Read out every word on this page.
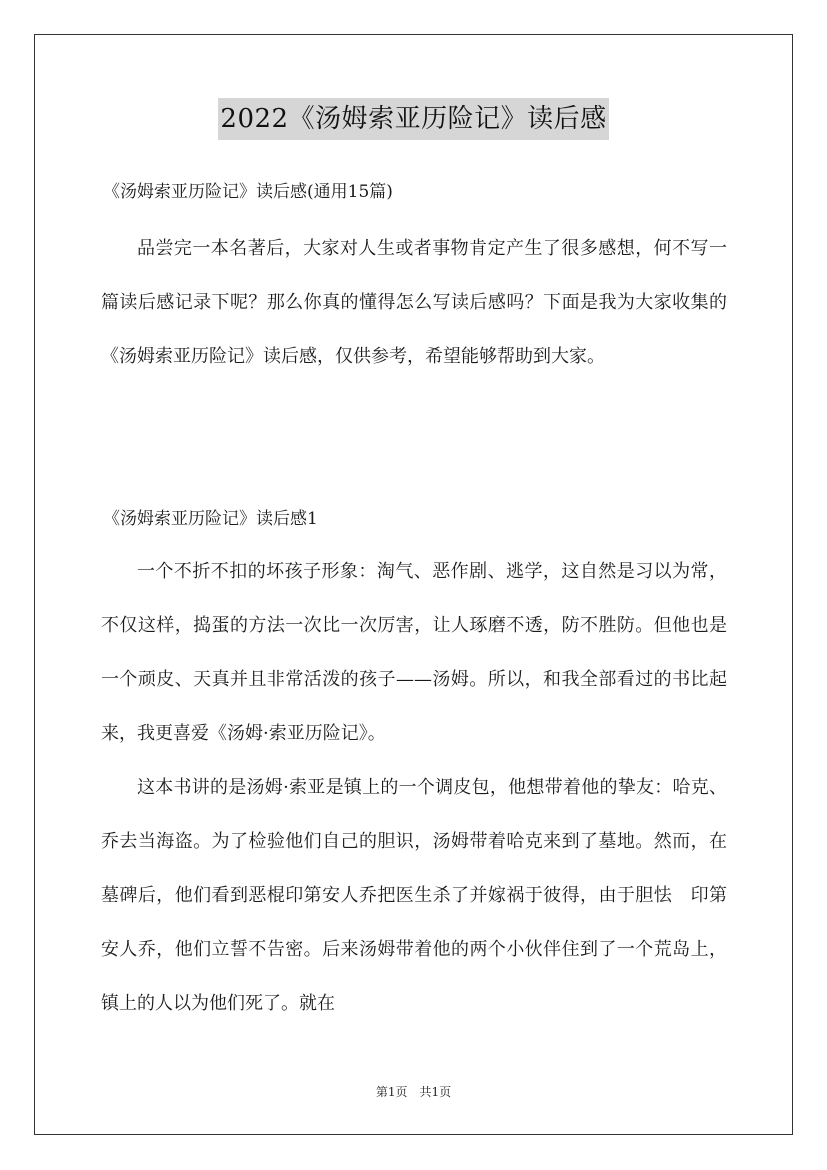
2022《汤姆索亚历险记》读后感
《汤姆索亚历险记》读后感(通用15篇)

品尝完一本名著后，大家对人生或者事物肯定产生了很多感想，何不写一篇读后感记录下呢？那么你真的懂得怎么写读后感吗？下面是我为大家收集的《汤姆索亚历险记》读后感，仅供参考，希望能够帮助到大家。

《汤姆索亚历险记》读后感1

一个不折不扣的坏孩子形象：淘气、恶作剧、逃学，这自然是习以为常，不仅这样，捣蛋的方法一次比一次厉害，让人琢磨不透，防不胜防。但他也是一个顽皮、天真并且非常活泼的孩子——汤姆。所以，和我全部看过的书比起来，我更喜爱《汤姆·索亚历险记》。

这本书讲的是汤姆·索亚是镇上的一个调皮包，他想带着他的挚友：哈克、乔去当海盗。为了检验他们自己的胆识，汤姆带着哈克来到了墓地。然而，在墓碑后，他们看到恶棍印第安人乔把医生杀了并嫁祸于彼得，由于胆怯　印第安人乔，他们立誓不告密。后来汤姆带着他的两个小伙伴住到了一个荒岛上，镇上的人以为他们死了。就在

第1页　共1页
